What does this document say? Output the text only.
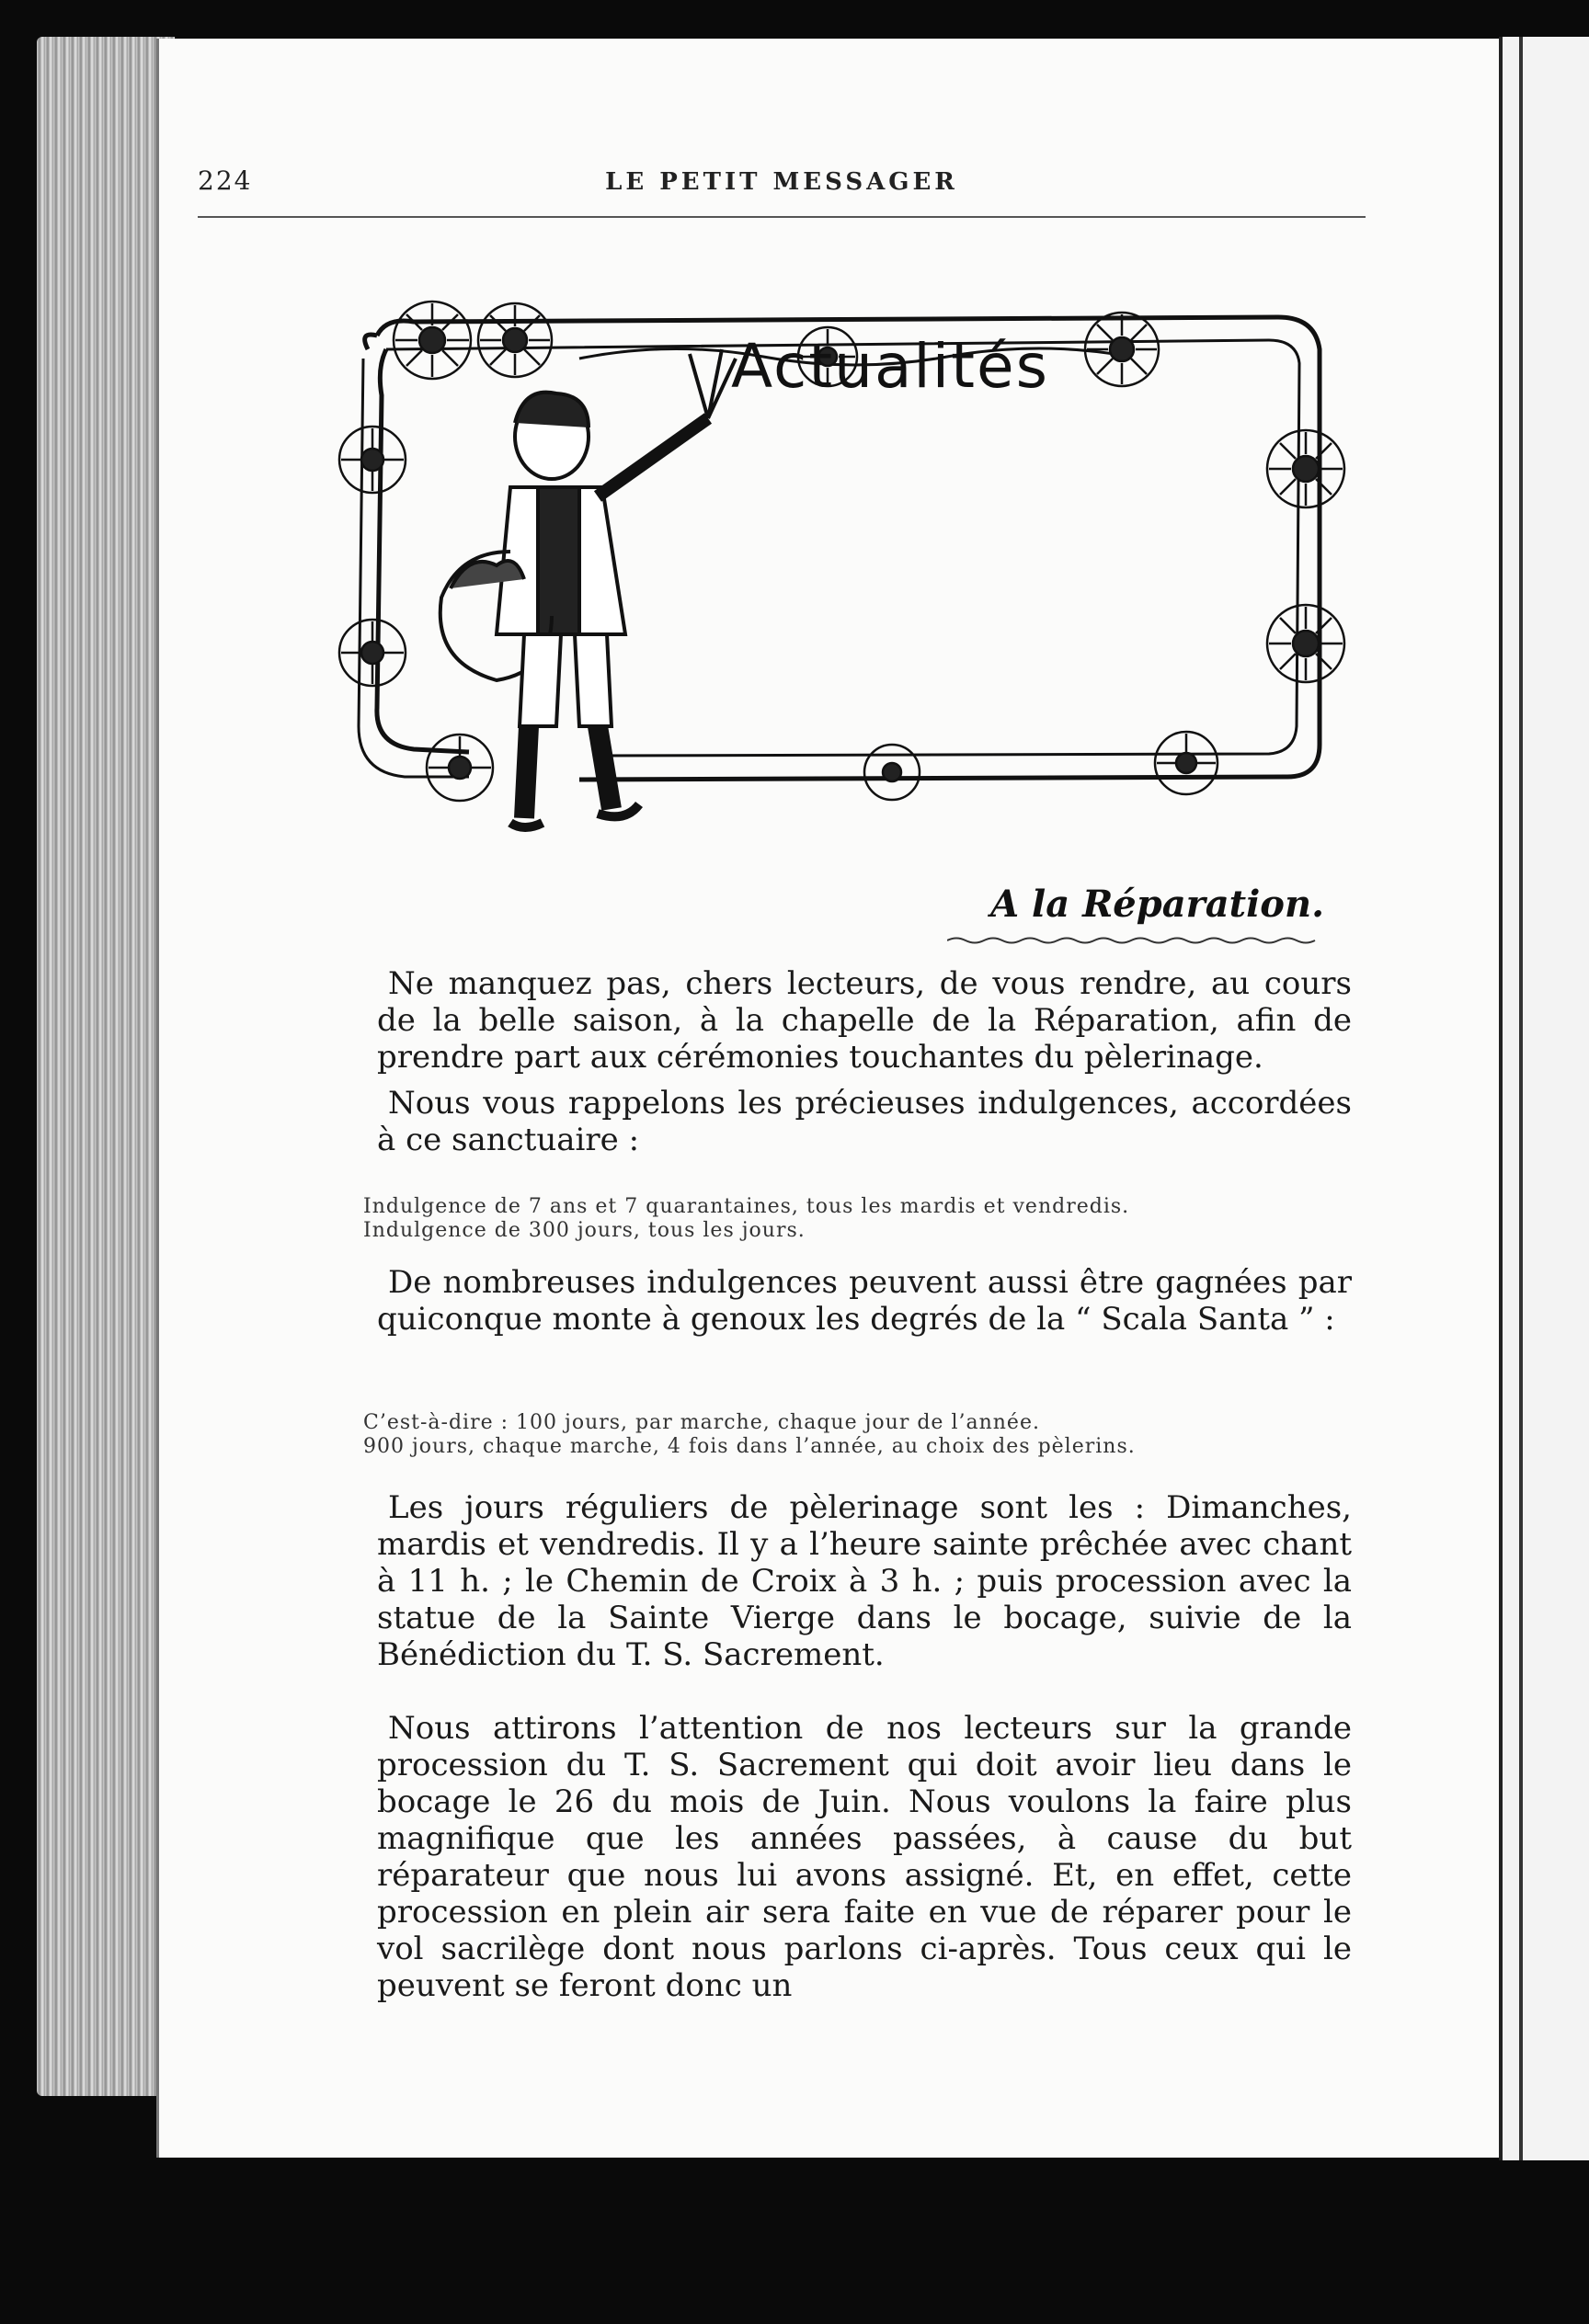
224	LE PETIT MESSAGER
Actualités
A la Réparation.

Ne manquez pas, chers lecteurs, de vous rendre, au cours de la belle saison, à la chapelle de la Réparation, afin de prendre part aux cérémonies touchantes du pèlerinage.

Nous vous rappelons les précieuses indulgences, accordées à ce sanctuaire :

Indulgence de 7 ans et 7 quarantaines, tous les mardis et vendredis.

Indulgence de 300 jours, tous les jours.

De nombreuses indulgences peuvent aussi être gagnées par quiconque monte à genoux les degrés de la “ Scala Santa ” :

C’est-à-dire : 100 jours, par marche, chaque jour de l’année.

900 jours, chaque marche, 4 fois dans l’année, au choix des pèlerins.

Les jours réguliers de pèlerinage sont les : Dimanches, mardis et vendredis. Il y a l’heure sainte prêchée avec chant à 11 h. ; le Chemin de Croix à 3 h. ; puis procession avec la statue de la Sainte Vierge dans le bocage, suivie de la Bénédiction du T. S. Sacrement.

Nous attirons l’attention de nos lecteurs sur la grande procession du T. S. Sacrement qui doit avoir lieu dans le bocage le 26 du mois de Juin. Nous voulons la faire plus magnifique que les années passées, à cause du but réparateur que nous lui avons assigné. Et, en effet, cette procession en plein air sera faite en vue de réparer pour le vol sacrilège dont nous parlons ci-après. Tous ceux qui le peuvent se feront donc un
